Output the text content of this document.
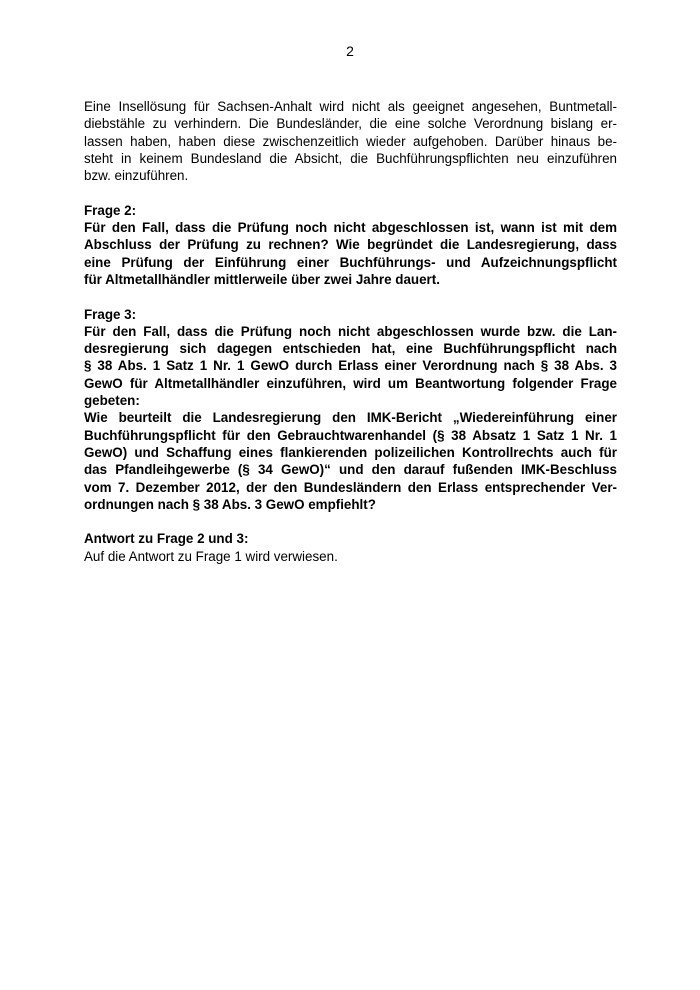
2
Eine Insellösung für Sachsen-Anhalt wird nicht als geeignet angesehen, Buntmetall-
diebstähle zu verhindern. Die Bundesländer, die eine solche Verordnung bislang er-
lassen haben, haben diese zwischenzeitlich wieder aufgehoben. Darüber hinaus be-
steht in keinem Bundesland die Absicht, die Buchführungspflichten neu einzuführen
bzw. einzuführen.
Frage 2:
Für den Fall, dass die Prüfung noch nicht abgeschlossen ist, wann ist mit dem
Abschluss der Prüfung zu rechnen? Wie begründet die Landesregierung, dass
eine Prüfung der Einführung einer Buchführungs- und Aufzeichnungspflicht
für Altmetallhändler mittlerweile über zwei Jahre dauert.
Frage 3:
Für den Fall, dass die Prüfung noch nicht abgeschlossen wurde bzw. die Lan-
desregierung sich dagegen entschieden hat, eine Buchführungspflicht nach
§ 38 Abs. 1 Satz 1 Nr. 1 GewO durch Erlass einer Verordnung nach § 38 Abs. 3
GewO für Altmetallhändler einzuführen, wird um Beantwortung folgender Frage
gebeten:
Wie beurteilt die Landesregierung den IMK-Bericht „Wiedereinführung einer
Buchführungspflicht für den Gebrauchtwarenhandel (§ 38 Absatz 1 Satz 1 Nr. 1
GewO) und Schaffung eines flankierenden polizeilichen Kontrollrechts auch für
das Pfandleihgewerbe (§ 34 GewO)“ und den darauf fußenden IMK-Beschluss
vom 7. Dezember 2012, der den Bundesländern den Erlass entsprechender Ver-
ordnungen nach § 38 Abs. 3 GewO empfiehlt?
Antwort zu Frage 2 und 3:
Auf die Antwort zu Frage 1 wird verwiesen.
